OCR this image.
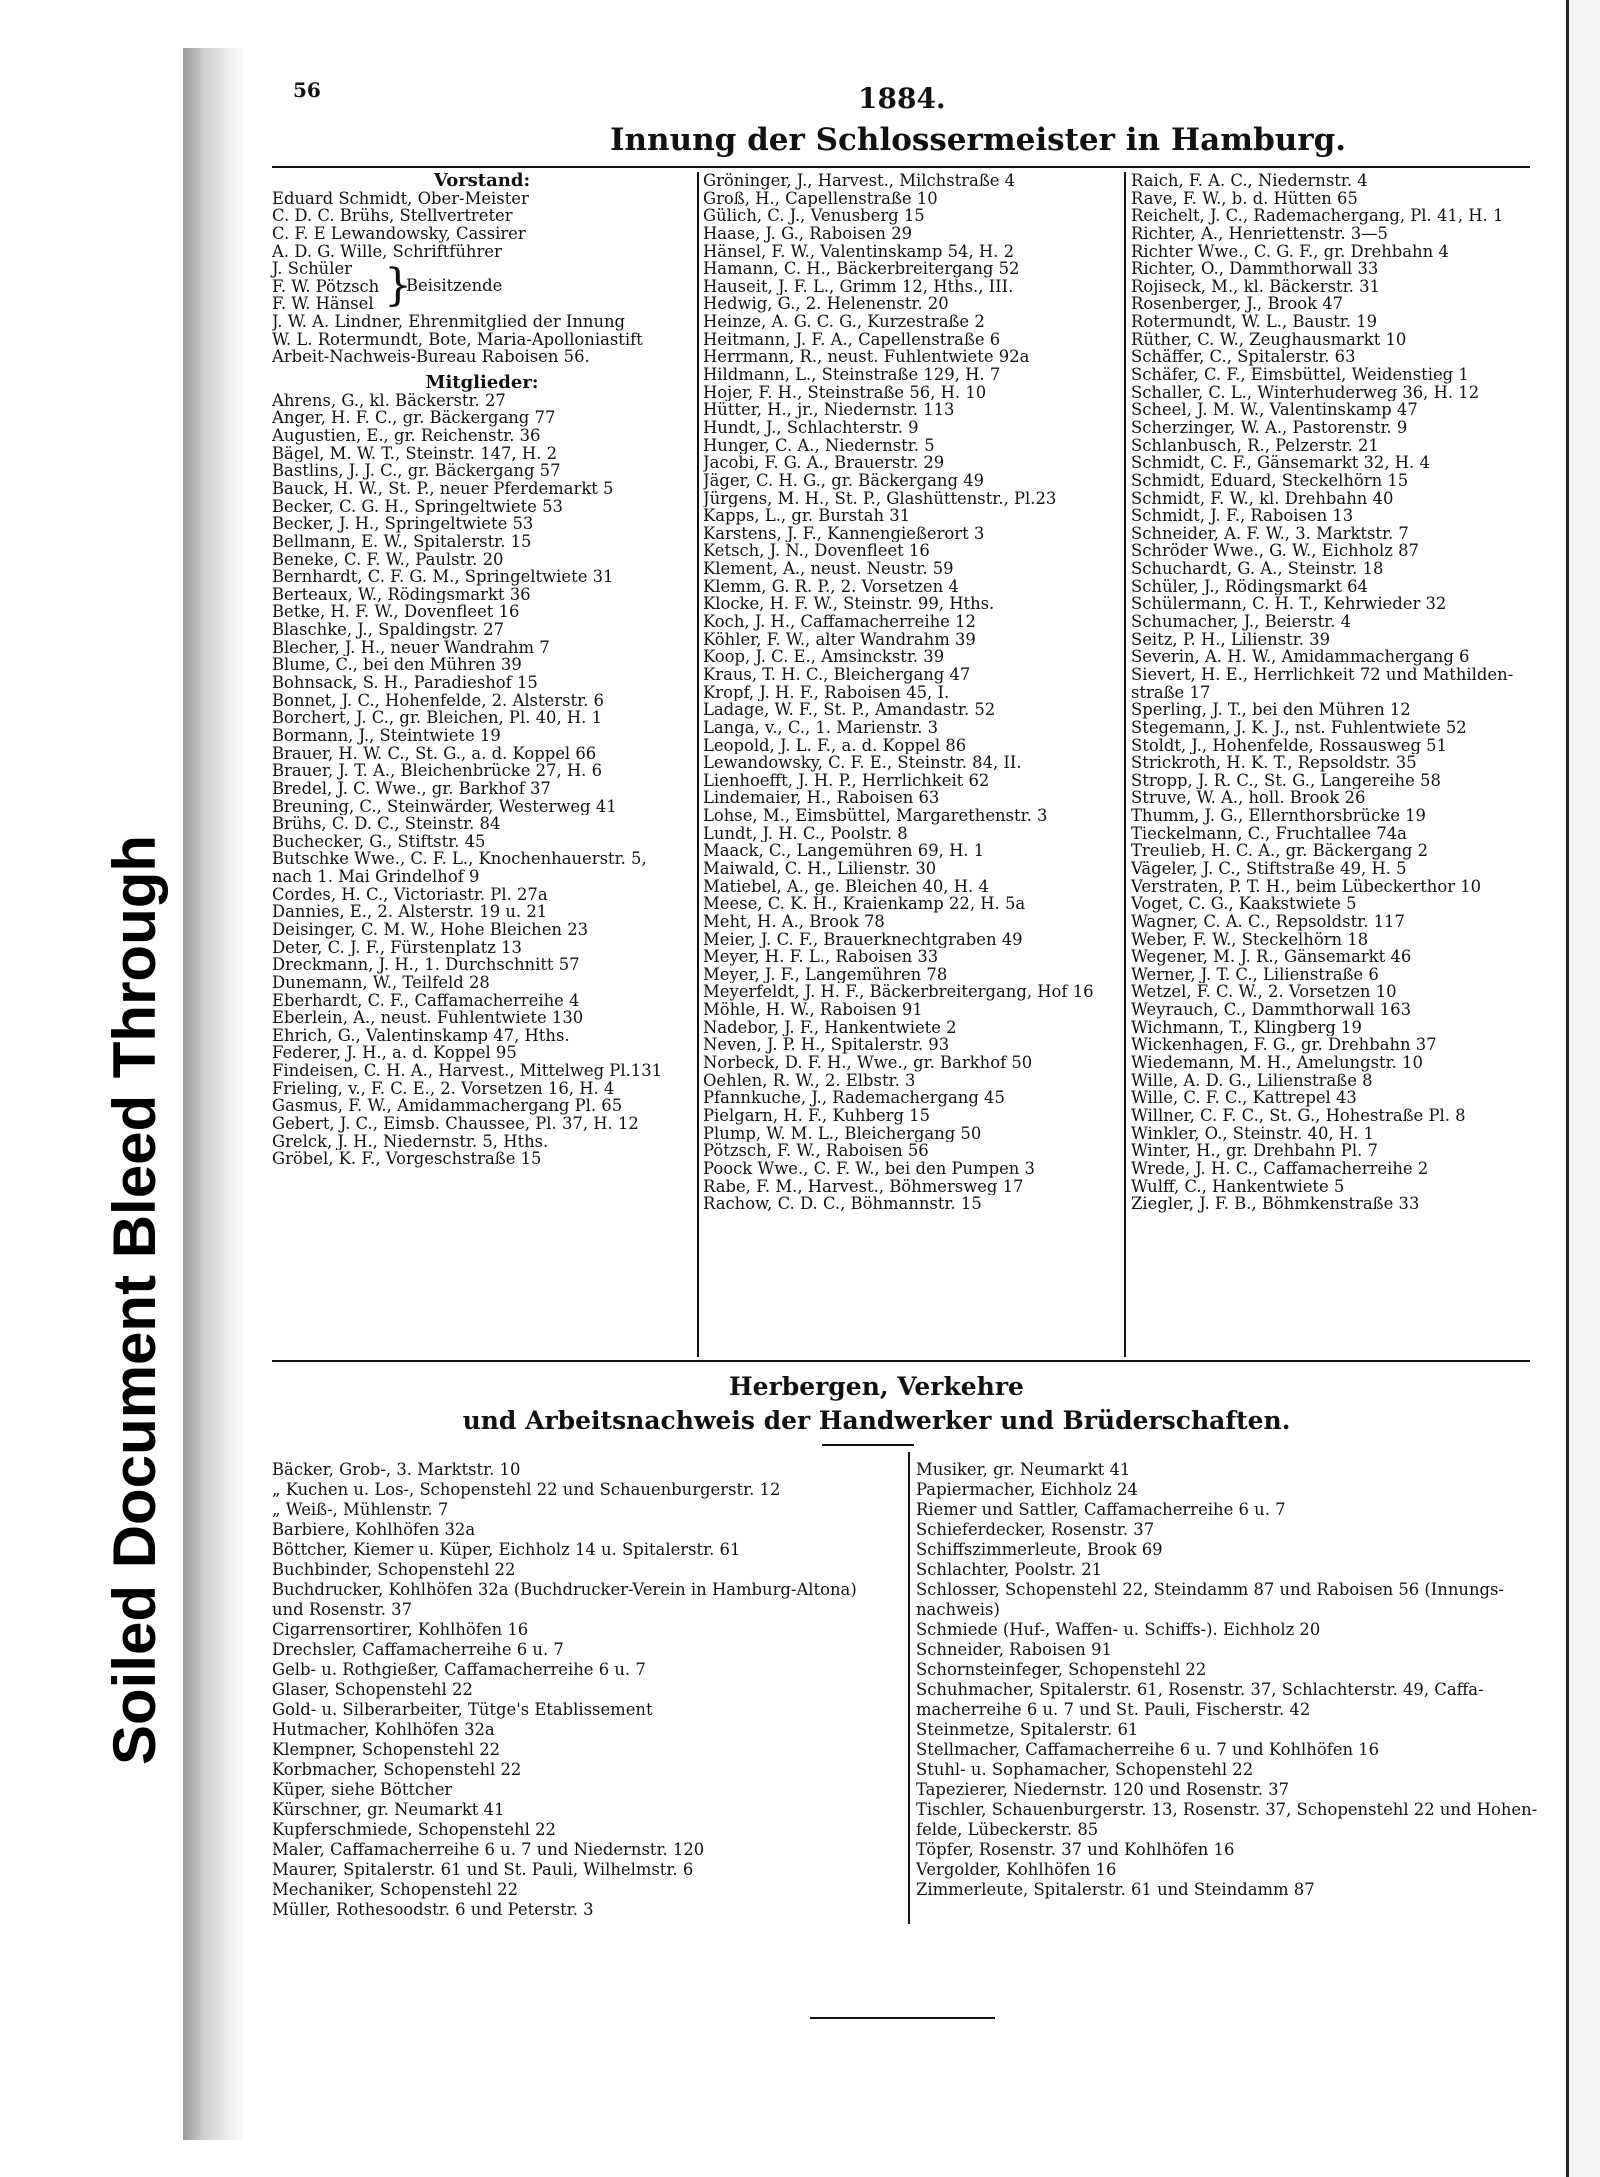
Soiled Document Bleed Through
56	1884.
Innung der Schlossermeister in Hamburg.
Vorstand:
Eduard Schmidt, Ober-Meister
C. D. C. Brühs, Stellvertreter
C. F. E Lewandowsky, Cassirer
A. D. G. Wille, Schriftführer
J. Schüler
F. W. Pötzsch
F. W. Hänsel }
Beisitzende
J. W. A. Lindner, Ehrenmitglied der Innung
W. L. Rotermundt, Bote, Maria-Apolloniastift
Arbeit-Nachweis-Bureau Raboisen 56.
Mitglieder:
Ahrens, G., kl. Bäckerstr. 27
Anger, H. F. C., gr. Bäckergang 77
Augustien, E., gr. Reichenstr. 36
Bägel, M. W. T., Steinstr. 147, H. 2
Bastlins, J. J. C., gr. Bäckergang 57
Bauck, H. W., St. P., neuer Pferdemarkt 5
Becker, C. G. H., Springeltwiete 53
Becker, J. H., Springeltwiete 53
Bellmann, E. W., Spitalerstr. 15
Beneke, C. F. W., Paulstr. 20
Bernhardt, C. F. G. M., Springeltwiete 31
Berteaux, W., Rödingsmarkt 36
Betke, H. F. W., Dovenfleet 16
Blaschke, J., Spaldingstr. 27
Blecher, J. H., neuer Wandrahm 7
Blume, C., bei den Mühren 39
Bohnsack, S. H., Paradieshof 15
Bonnet, J. C., Hohenfelde, 2. Alsterstr. 6
Borchert, J. C., gr. Bleichen, Pl. 40, H. 1
Bormann, J., Steintwiete 19
Brauer, H. W. C., St. G., a. d. Koppel 66
Brauer, J. T. A., Bleichenbrücke 27, H. 6
Bredel, J. C. Wwe., gr. Barkhof 37
Breuning, C., Steinwärder, Westerweg 41
Brühs, C. D. C., Steinstr. 84
Buchecker, G., Stiftstr. 45
Butschke Wwe., C. F. L., Knochenhauerstr. 5,
nach 1. Mai Grindelhof 9
Cordes, H. C., Victoriastr. Pl. 27a
Dannies, E., 2. Alsterstr. 19 u. 21
Deisinger, C. M. W., Hohe Bleichen 23
Deter, C. J. F., Fürstenplatz 13
Dreckmann, J. H., 1. Durchschnitt 57
Dunemann, W., Teilfeld 28
Eberhardt, C. F., Caffamacherreihe 4
Eberlein, A., neust. Fuhlentwiete 130
Ehrich, G., Valentinskamp 47, Hths.
Federer, J. H., a. d. Koppel 95
Findeisen, C. H. A., Harvest., Mittelweg Pl.131
Frieling, v., F. C. E., 2. Vorsetzen 16, H. 4
Gasmus, F. W., Amidammachergang Pl. 65
Gebert, J. C., Eimsb. Chaussee, Pl. 37, H. 12
Grelck, J. H., Niedernstr. 5, Hths.
Gröbel, K. F., Vorgeschstraße 15
Gröninger, J., Harvest., Milchstraße 4
Groß, H., Capellenstraße 10
Gülich, C. J., Venusberg 15
Haase, J. G., Raboisen 29
Hänsel, F. W., Valentinskamp 54, H. 2
Hamann, C. H., Bäckerbreitergang 52
Hauseit, J. F. L., Grimm 12, Hths., III.
Hedwig, G., 2. Helenenstr. 20
Heinze, A. G. C. G., Kurzestraße 2
Heitmann, J. F. A., Capellenstraße 6
Herrmann, R., neust. Fuhlentwiete 92a
Hildmann, L., Steinstraße 129, H. 7
Hojer, F. H., Steinstraße 56, H. 10
Hütter, H., jr., Niedernstr. 113
Hundt, J., Schlachterstr. 9
Hunger, C. A., Niedernstr. 5
Jacobi, F. G. A., Brauerstr. 29
Jäger, C. H. G., gr. Bäckergang 49
Jürgens, M. H., St. P., Glashüttenstr., Pl.23
Kapps, L., gr. Burstah 31
Karstens, J. F., Kannengießerort 3
Ketsch, J. N., Dovenfleet 16
Klement, A., neust. Neustr. 59
Klemm, G. R. P., 2. Vorsetzen 4
Klocke, H. F. W., Steinstr. 99, Hths.
Koch, J. H., Caffamacherreihe 12
Köhler, F. W., alter Wandrahm 39
Koop, J. C. E., Amsinckstr. 39
Kraus, T. H. C., Bleichergang 47
Kropf, J. H. F., Raboisen 45, I.
Ladage, W. F., St. P., Amandastr. 52
Langa, v., C., 1. Marienstr. 3
Leopold, J. L. F., a. d. Koppel 86
Lewandowsky, C. F. E., Steinstr. 84, II.
Lienhoefft, J. H. P., Herrlichkeit 62
Lindemaier, H., Raboisen 63
Lohse, M., Eimsbüttel, Margarethenstr. 3
Lundt, J. H. C., Poolstr. 8
Maack, C., Langemühren 69, H. 1
Maiwald, C. H., Lilienstr. 30
Matiebel, A., ge. Bleichen 40, H. 4
Meese, C. K. H., Kraienkamp 22, H. 5a
Meht, H. A., Brook 78
Meier, J. C. F., Brauerknechtgraben 49
Meyer, H. F. L., Raboisen 33
Meyer, J. F., Langemühren 78
Meyerfeldt, J. H. F., Bäckerbreitergang, Hof 16
Möhle, H. W., Raboisen 91
Nadebor, J. F., Hankentwiete 2
Neven, J. P. H., Spitalerstr. 93
Norbeck, D. F. H., Wwe., gr. Barkhof 50
Oehlen, R. W., 2. Elbstr. 3
Pfannkuche, J., Rademachergang 45
Pielgarn, H. F., Kuhberg 15
Plump, W. M. L., Bleichergang 50
Pötzsch, F. W., Raboisen 56
Poock Wwe., C. F. W., bei den Pumpen 3
Rabe, F. M., Harvest., Böhmersweg 17
Rachow, C. D. C., Böhmannstr. 15
Raich, F. A. C., Niedernstr. 4
Rave, F. W., b. d. Hütten 65
Reichelt, J. C., Rademachergang, Pl. 41, H. 1
Richter, A., Henriettenstr. 3—5
Richter Wwe., C. G. F., gr. Drehbahn 4
Richter, O., Dammthorwall 33
Rojiseck, M., kl. Bäckerstr. 31
Rosenberger, J., Brook 47
Rotermundt, W. L., Baustr. 19
Rüther, C. W., Zeughausmarkt 10
Schäffer, C., Spitalerstr. 63
Schäfer, C. F., Eimsbüttel, Weidenstieg 1
Schaller, C. L., Winterhuderweg 36, H. 12
Scheel, J. M. W., Valentinskamp 47
Scherzinger, W. A., Pastorenstr. 9
Schlanbusch, R., Pelzerstr. 21
Schmidt, C. F., Gänsemarkt 32, H. 4
Schmidt, Eduard, Steckelhörn 15
Schmidt, F. W., kl. Drehbahn 40
Schmidt, J. F., Raboisen 13
Schneider, A. F. W., 3. Marktstr. 7
Schröder Wwe., G. W., Eichholz 87
Schuchardt, G. A., Steinstr. 18
Schüler, J., Rödingsmarkt 64
Schülermann, C. H. T., Kehrwieder 32
Schumacher, J., Beierstr. 4
Seitz, P. H., Lilienstr. 39
Severin, A. H. W., Amidammachergang 6
Sievert, H. E., Herrlichkeit 72 und Mathilden-
straße 17
Sperling, J. T., bei den Mühren 12
Stegemann, J. K. J., nst. Fuhlentwiete 52
Stoldt, J., Hohenfelde, Rossausweg 51
Strickroth, H. K. T., Repsoldstr. 35
Stropp, J. R. C., St. G., Langereihe 58
Struve, W. A., holl. Brook 26
Thumm, J. G., Ellernthorsbrücke 19
Tieckelmann, C., Fruchtallee 74a
Treulieb, H. C. A., gr. Bäckergang 2
Vägeler, J. C., Stiftstraße 49, H. 5
Verstraten, P. T. H., beim Lübeckerthor 10
Voget, C. G., Kaakstwiete 5
Wagner, C. A. C., Repsoldstr. 117
Weber, F. W., Steckelhörn 18
Wegener, M. J. R., Gänsemarkt 46
Werner, J. T. C., Lilienstraße 6
Wetzel, F. C. W., 2. Vorsetzen 10
Weyrauch, C., Dammthorwall 163
Wichmann, T., Klingberg 19
Wickenhagen, F. G., gr. Drehbahn 37
Wiedemann, M. H., Amelungstr. 10
Wille, A. D. G., Lilienstraße 8
Wille, C. F. C., Kattrepel 43
Willner, C. F. C., St. G., Hohestraße Pl. 8
Winkler, O., Steinstr. 40, H. 1
Winter, H., gr. Drehbahn Pl. 7
Wrede, J. H. C., Caffamacherreihe 2
Wulff, C., Hankentwiete 5
Ziegler, J. F. B., Böhmkenstraße 33
Herbergen, Verkehre
und Arbeitsnachweis der Handwerker und Brüderschaften.
Bäcker, Grob-, 3. Marktstr. 10
„ Kuchen u. Los-, Schopenstehl 22 und Schauenburgerstr. 12
„ Weiß-, Mühlenstr. 7
Barbiere, Kohlhöfen 32a
Böttcher, Kiemer u. Küper, Eichholz 14 u. Spitalerstr. 61
Buchbinder, Schopenstehl 22
Buchdrucker, Kohlhöfen 32a (Buchdrucker-Verein in Hamburg-Altona)
und Rosenstr. 37
Cigarrensortirer, Kohlhöfen 16
Drechsler, Caffamacherreihe 6 u. 7
Gelb- u. Rothgießer, Caffamacherreihe 6 u. 7
Glaser, Schopenstehl 22
Gold- u. Silberarbeiter, Tütge's Etablissement
Hutmacher, Kohlhöfen 32a
Klempner, Schopenstehl 22
Korbmacher, Schopenstehl 22
Küper, siehe Böttcher
Kürschner, gr. Neumarkt 41
Kupferschmiede, Schopenstehl 22
Maler, Caffamacherreihe 6 u. 7 und Niedernstr. 120
Maurer, Spitalerstr. 61 und St. Pauli, Wilhelmstr. 6
Mechaniker, Schopenstehl 22
Müller, Rothesoodstr. 6 und Peterstr. 3
Musiker, gr. Neumarkt 41
Papiermacher, Eichholz 24
Riemer und Sattler, Caffamacherreihe 6 u. 7
Schieferdecker, Rosenstr. 37
Schiffszimmerleute, Brook 69
Schlachter, Poolstr. 21
Schlosser, Schopenstehl 22, Steindamm 87 und Raboisen 56 (Innungs-
nachweis)
Schmiede (Huf-, Waffen- u. Schiffs-). Eichholz 20
Schneider, Raboisen 91
Schornsteinfeger, Schopenstehl 22
Schuhmacher, Spitalerstr. 61, Rosenstr. 37, Schlachterstr. 49, Caffa-
macherreihe 6 u. 7 und St. Pauli, Fischerstr. 42
Steinmetze, Spitalerstr. 61
Stellmacher, Caffamacherreihe 6 u. 7 und Kohlhöfen 16
Stuhl- u. Sophamacher, Schopenstehl 22
Tapezierer, Niedernstr. 120 und Rosenstr. 37
Tischler, Schauenburgerstr. 13, Rosenstr. 37, Schopenstehl 22 und Hohen-
felde, Lübeckerstr. 85
Töpfer, Rosenstr. 37 und Kohlhöfen 16
Vergolder, Kohlhöfen 16
Zimmerleute, Spitalerstr. 61 und Steindamm 87
